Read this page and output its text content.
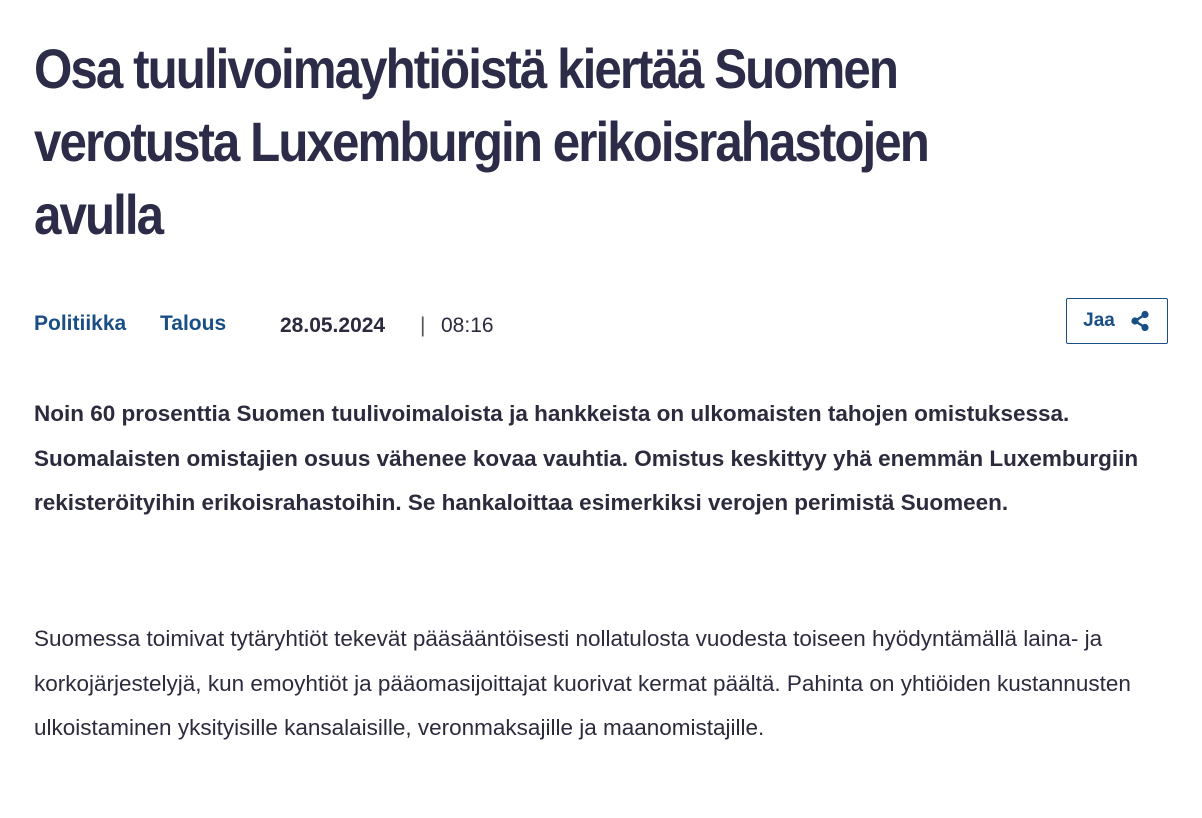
Osa tuulivoimayhtiöistä kiertää Suomen verotusta Luxemburgin erikoisrahastojen avulla
Politiikka Talous	28.05.2024 | 08:16	Jaa

Noin 60 prosenttia Suomen tuulivoimaloista ja hankkeista on ulkomaisten tahojen omistuksessa. Suomalaisten omistajien osuus vähenee kovaa vauhtia. Omistus keskittyy yhä enemmän Luxemburgiin rekisteröityihin erikoisrahastoihin. Se hankaloittaa esimerkiksi verojen perimistä Suomeen.

Suomessa toimivat tytäryhtiöt tekevät pääsääntöisesti nollatulosta vuodesta toiseen hyödyntämällä laina- ja korkojärjestelyjä, kun emoyhtiöt ja pääomasijoittajat kuorivat kermat päältä. Pahinta on yhtiöiden kustannusten ulkoistaminen yksityisille kansalaisille, veronmaksajille ja maanomistajille.
